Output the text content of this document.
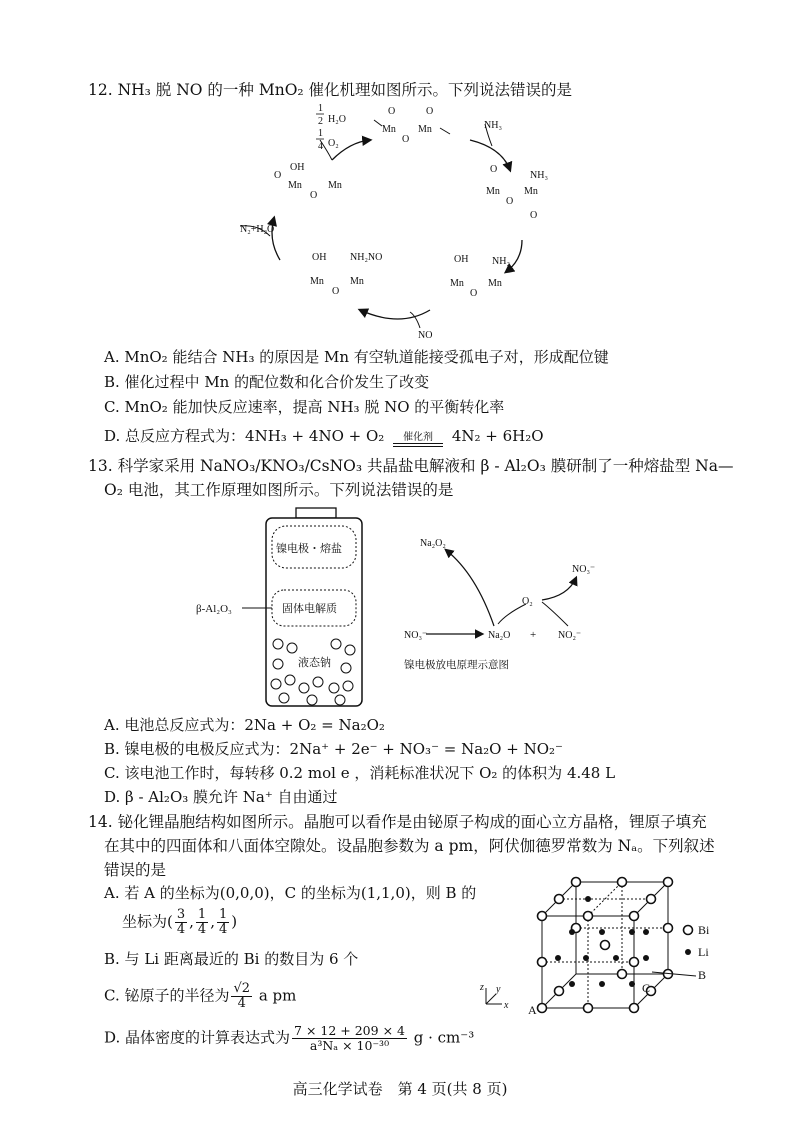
12. NH₃ 脱 NO 的一种 MnO₂ 催化机理如图所示。下列说法错误的是
1
2 H₂O
1
4 O₂
NH₃
N₂+H₂O
NO
O
Mn
O
Mn
O
O
Mn
O
Mn
NH₃
O
OH
Mn
O
Mn
NH₂
OH
Mn
O
Mn
NH₂NO
OH
Mn
O
Mn
O
A. MnO₂ 能结合 NH₃ 的原因是 Mn 有空轨道能接受孤电子对，形成配位键
B. 催化过程中 Mn 的配位数和化合价发生了改变
C. MnO₂ 能加快反应速率，提高 NH₃ 脱 NO 的平衡转化率
D. 总反应方程式为：4NH₃ + 4NO + O₂ 催化剂 4N₂ + 6H₂O
13. 科学家采用 NaNO₃/KNO₃/CsNO₃ 共晶盐电解液和 β - Al₂O₃ 膜研制了一种熔盐型 Na—
O₂ 电池，其工作原理如图所示。下列说法错误的是
镍电极・熔盐
固体电解质
液态钠
β-Al₂O₃
Na₂O₂
NO₃⁻
O₂
NO₃⁻	Na₂O + NO₂⁻
镍电极放电原理示意图
A. 电池总反应式为：2Na + O₂ = Na₂O₂
B. 镍电极的电极反应式为：2Na⁺ + 2e⁻ + NO₃⁻ = Na₂O + NO₂⁻
C. 该电池工作时，每转移 0.2 mol e ，消耗标准状况下 O₂ 的体积为 4.48 L
D. β - Al₂O₃ 膜允许 Na⁺ 自由通过
14. 铋化锂晶胞结构如图所示。晶胞可以看作是由铋原子构成的面心立方晶格，锂原子填充
在其中的四面体和八面体空隙处。设晶胞参数为 a pm，阿伏伽德罗常数为 Nₐ。下列叙述
错误的是
A. 若 A 的坐标为(0,0,0)，C 的坐标为(1,1,0)，则 B 的
坐标为( $\frac{3}{4}$ , $\frac{1}{4}$ , $\frac{1}{4}$ )
B. 与 Li 距离最近的 Bi 的数目为 6 个
C. 铋原子的半径为 $\frac{√2}{4}$ a pm
D. 晶体密度的计算表达式为 $\frac{7 \times 12 + 209 \times 4}{\text{a³Nₐ × 10⁻³⁰}}$ g · cm⁻³
A
C
B
Bi
Li
z y
x
高三化学试卷　第 4 页(共 8 页)
